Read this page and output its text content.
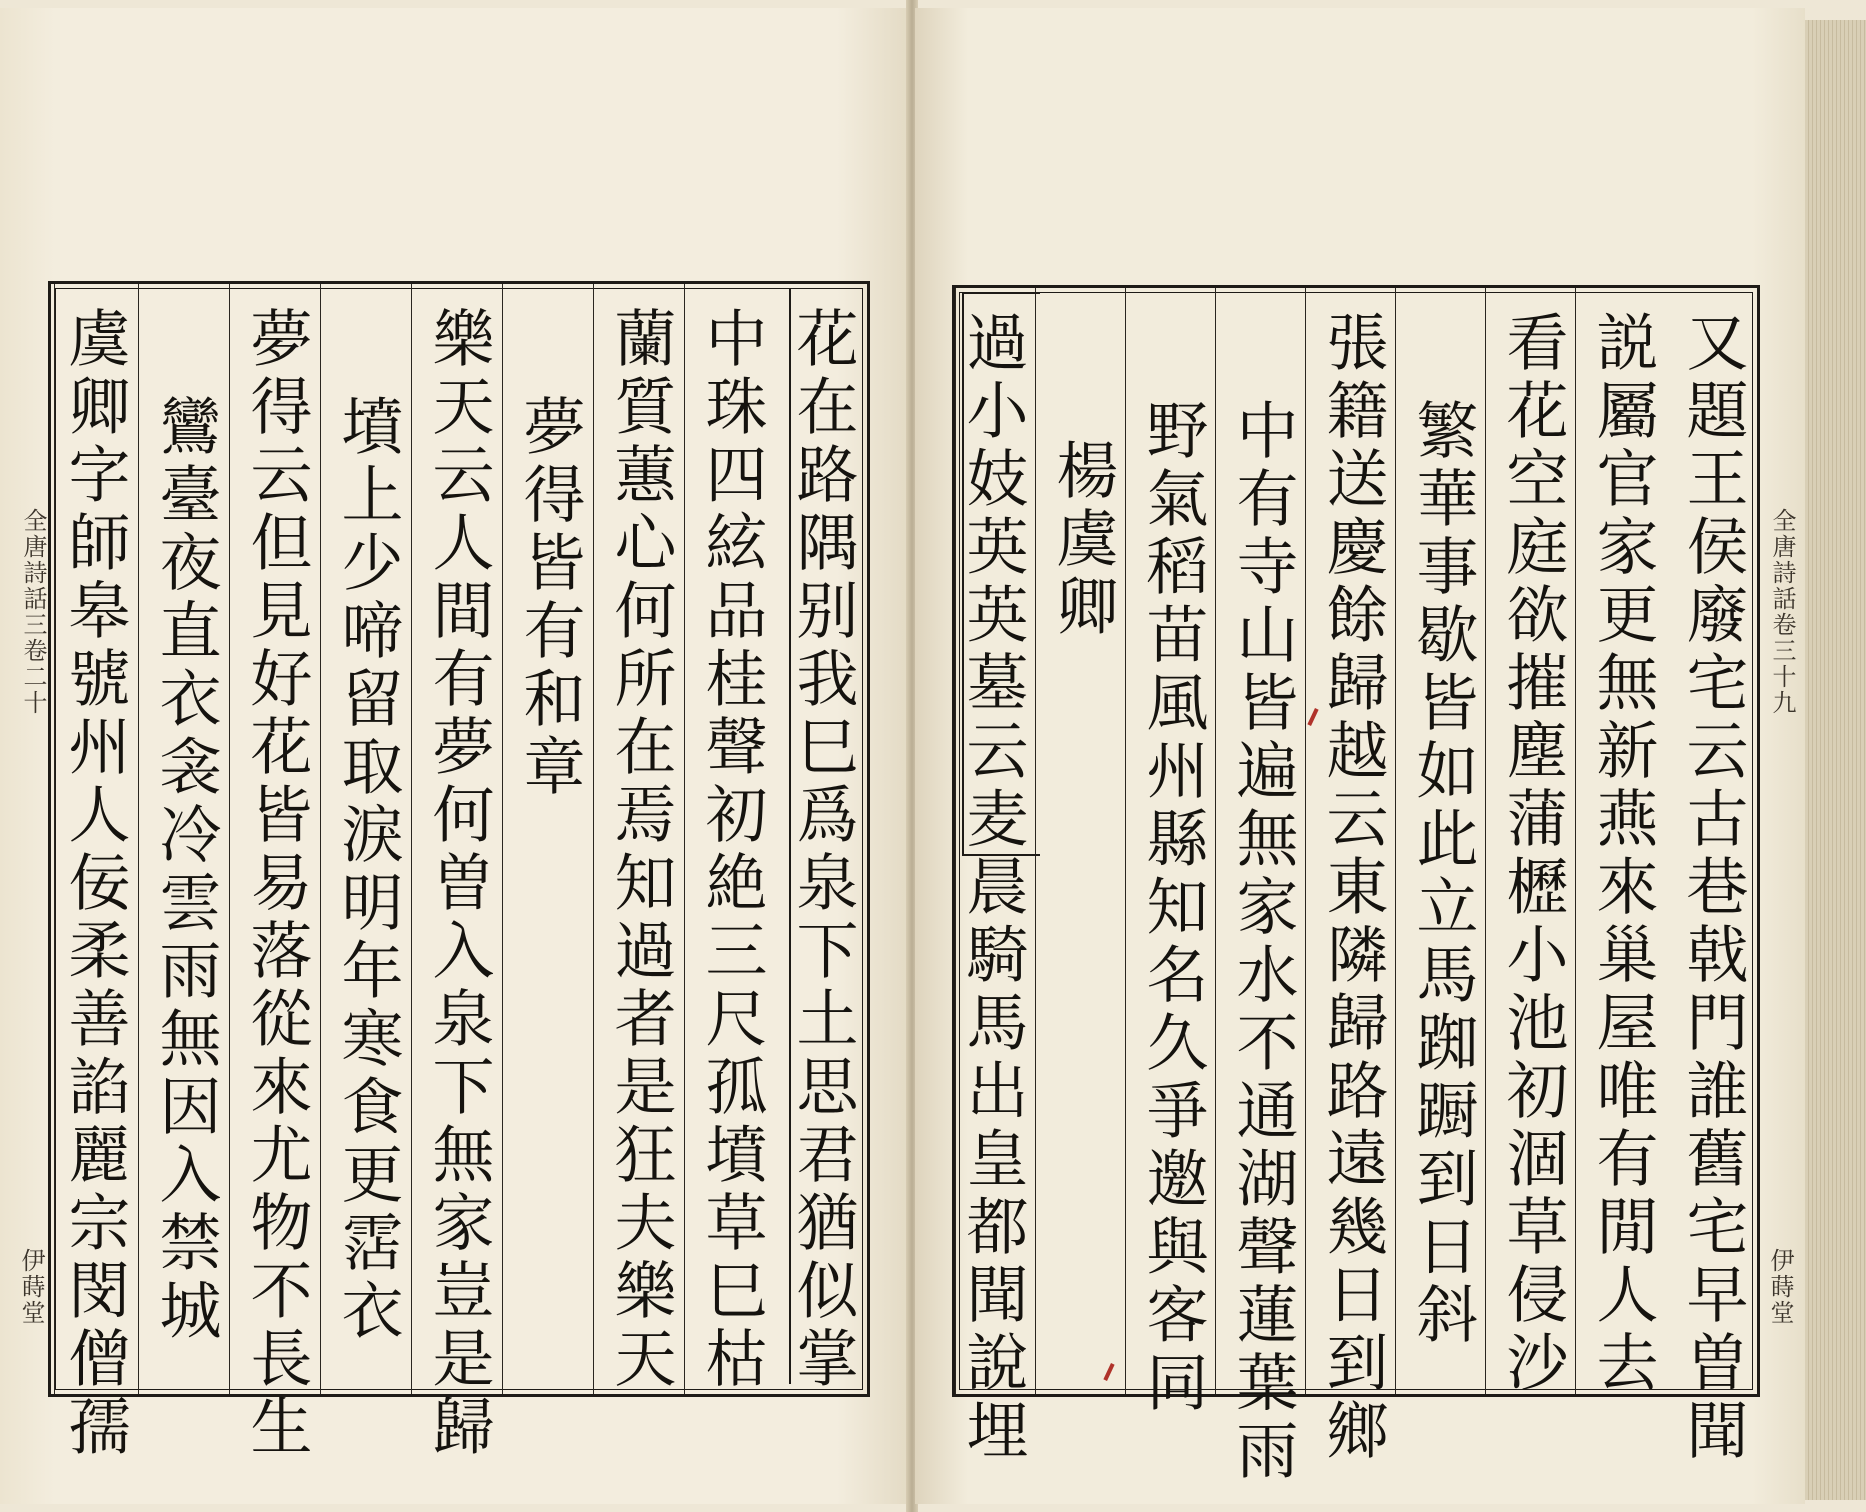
花在路隅别我巳爲泉下土思君猶似掌
中珠四絃品桂聲初絶三尺孤墳草巳枯
蘭質蕙心何所在焉知過者是狂夫樂天
夢得皆有和章
樂天云人間有夢何曽入泉下無家豈是歸
墳上少啼留取淚明年寒食更霑衣
夢得云但見好花皆易落從來尤物不長生
鸞臺夜直衣衾冷雲雨無因入禁城
虞卿字師皋號州人佞柔善諂麗宗閔僧孺
全唐詩話三卷二十
伊蒔堂	又題王侯廢宅云古巷戟門誰舊宅早曽聞
説屬官家更無新燕來巢屋唯有閒人去
看花空庭欲摧塵蒲櫪小池初涸草侵沙
繁華事歇皆如此立馬踟蹰到日斜
張籍送慶餘歸越云東隣歸路遠幾日到鄉
中有寺山皆遍無家水不通湖聲蓮葉雨
野氣稻苗風州縣知名久爭邀與客同
楊虞卿
過小妓英英墓云麦晨騎馬出皇都聞說埋	全唐詩話卷三十九
伊蒔堂
